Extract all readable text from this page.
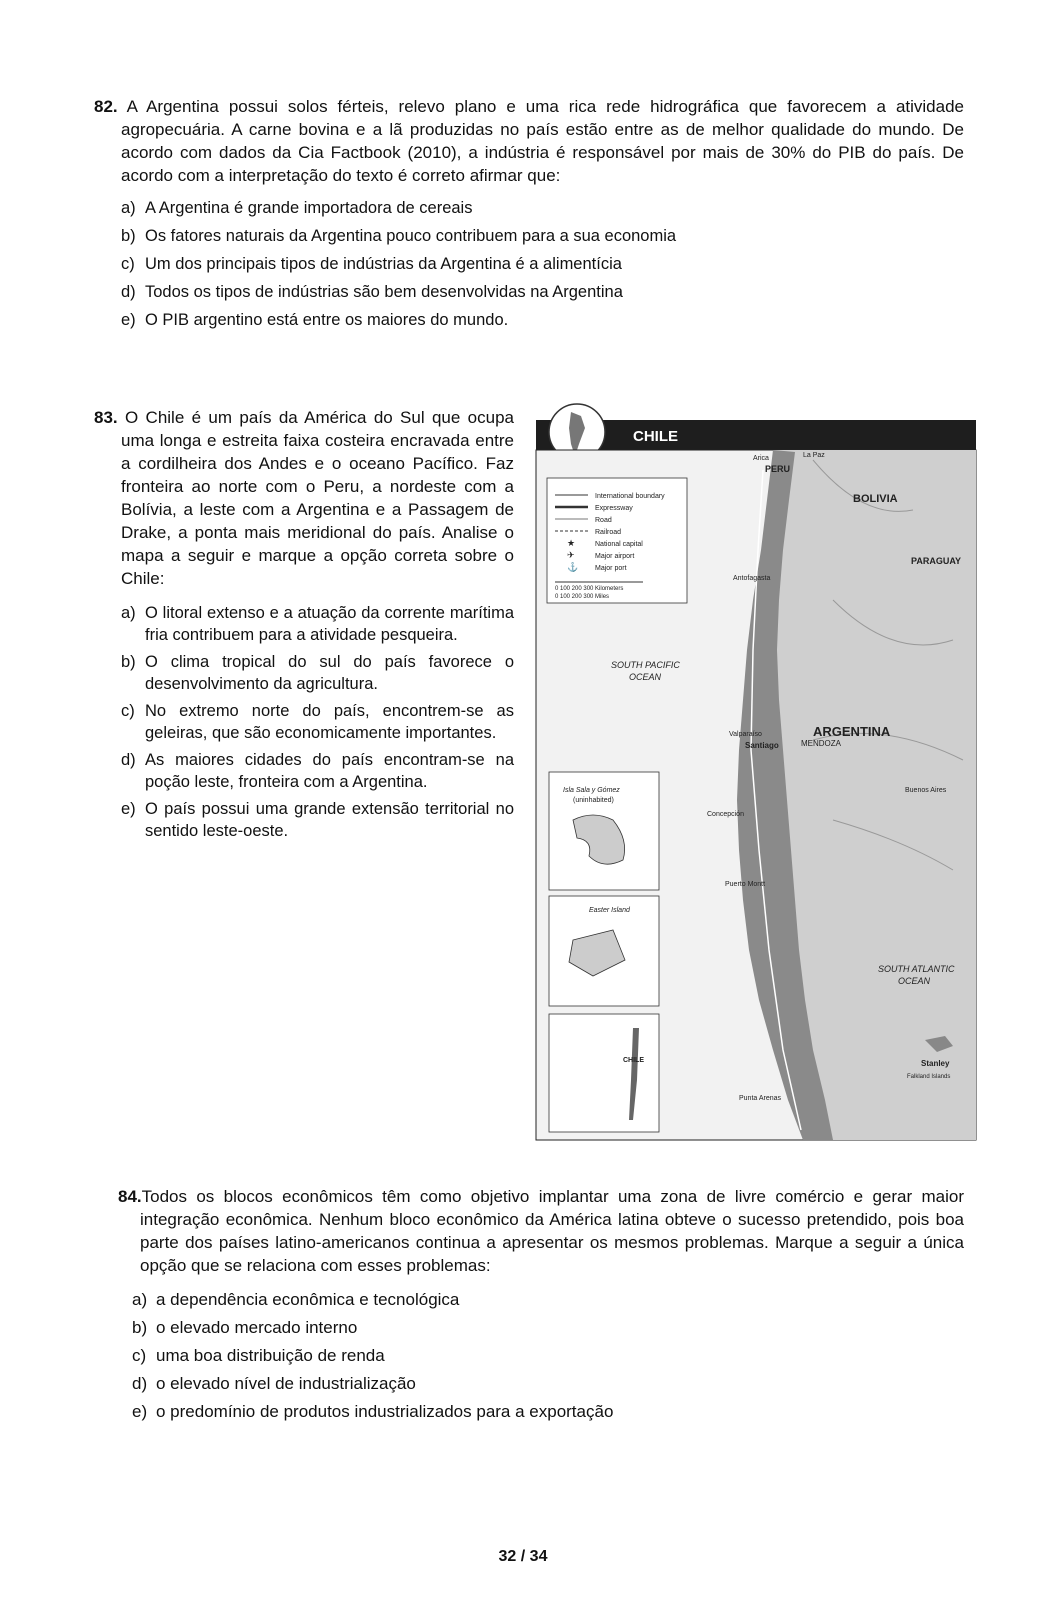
82. A Argentina possui solos férteis, relevo plano e uma rica rede hidrográfica que favorecem a atividade agropecuária. A carne bovina e a lã produzidas no país estão entre as de melhor qualidade do mundo. De acordo com dados da Cia Factbook (2010), a indústria é responsável por mais de 30% do PIB do país. De acordo com a interpretação do texto é correto afirmar que:
a) A Argentina é grande importadora de cereais
b) Os fatores naturais da Argentina pouco contribuem para a sua economia
c) Um dos principais tipos de indústrias da Argentina é a alimentícia
d) Todos os tipos de indústrias são bem desenvolvidas na Argentina
e) O PIB argentino está entre os maiores do mundo.
83. O Chile é um país da América do Sul que ocupa uma longa e estreita faixa costeira encravada entre a cordilheira dos Andes e o oceano Pacífico. Faz fronteira ao norte com o Peru, a nordeste com a Bolívia, a leste com a Argentina e a Passagem de Drake, a ponta mais meridional do país. Analise o mapa a seguir e marque a opção correta sobre o Chile:
a) O litoral extenso e a atuação da corrente marítima fria contribuem para a atividade pesqueira.
b) O clima tropical do sul do país favorece o desenvolvimento da agricultura.
c) No extremo norte do país, encontrem-se as geleiras, que são economicamente importantes.
d) As maiores cidades do país encontram-se na poção leste, fronteira com a Argentina.
e) O país possui uma grande extensão territorial no sentido leste-oeste.
CHILE
International boundary
Expressway
Road
Railroad
★	National capital
✈	Major airport
⚓ Major port
0 100 200 300 Kilometers
0 100 200 300 Miles
SOUTH PACIFIC
OCEAN
SOUTH ATLANTIC
OCEAN
PERU
BOLIVIA
PARAGUAY
ARGENTINA
La Paz
Arica
Antofagasta
Valparaíso
Santiago	MENDOZA
Buenos Aires
Concepción
Puerto Montt
Punta Arenas
Stanley
Falkland Islands
Isla Sala y Gómez
(uninhabited)
Easter Island
CHILE
84.Todos os blocos econômicos têm como objetivo implantar uma zona de livre comércio e gerar maior integração econômica. Nenhum bloco econômico da América latina obteve o sucesso pretendido, pois boa parte dos países latino-americanos continua a apresentar os mesmos problemas. Marque a seguir a única opção que se relaciona com esses problemas:
a) a dependência econômica e tecnológica
b) o elevado mercado interno
c) uma boa distribuição de renda
d) o elevado nível de industrialização
e) o predomínio de produtos industrializados para a exportação
32 / 34
